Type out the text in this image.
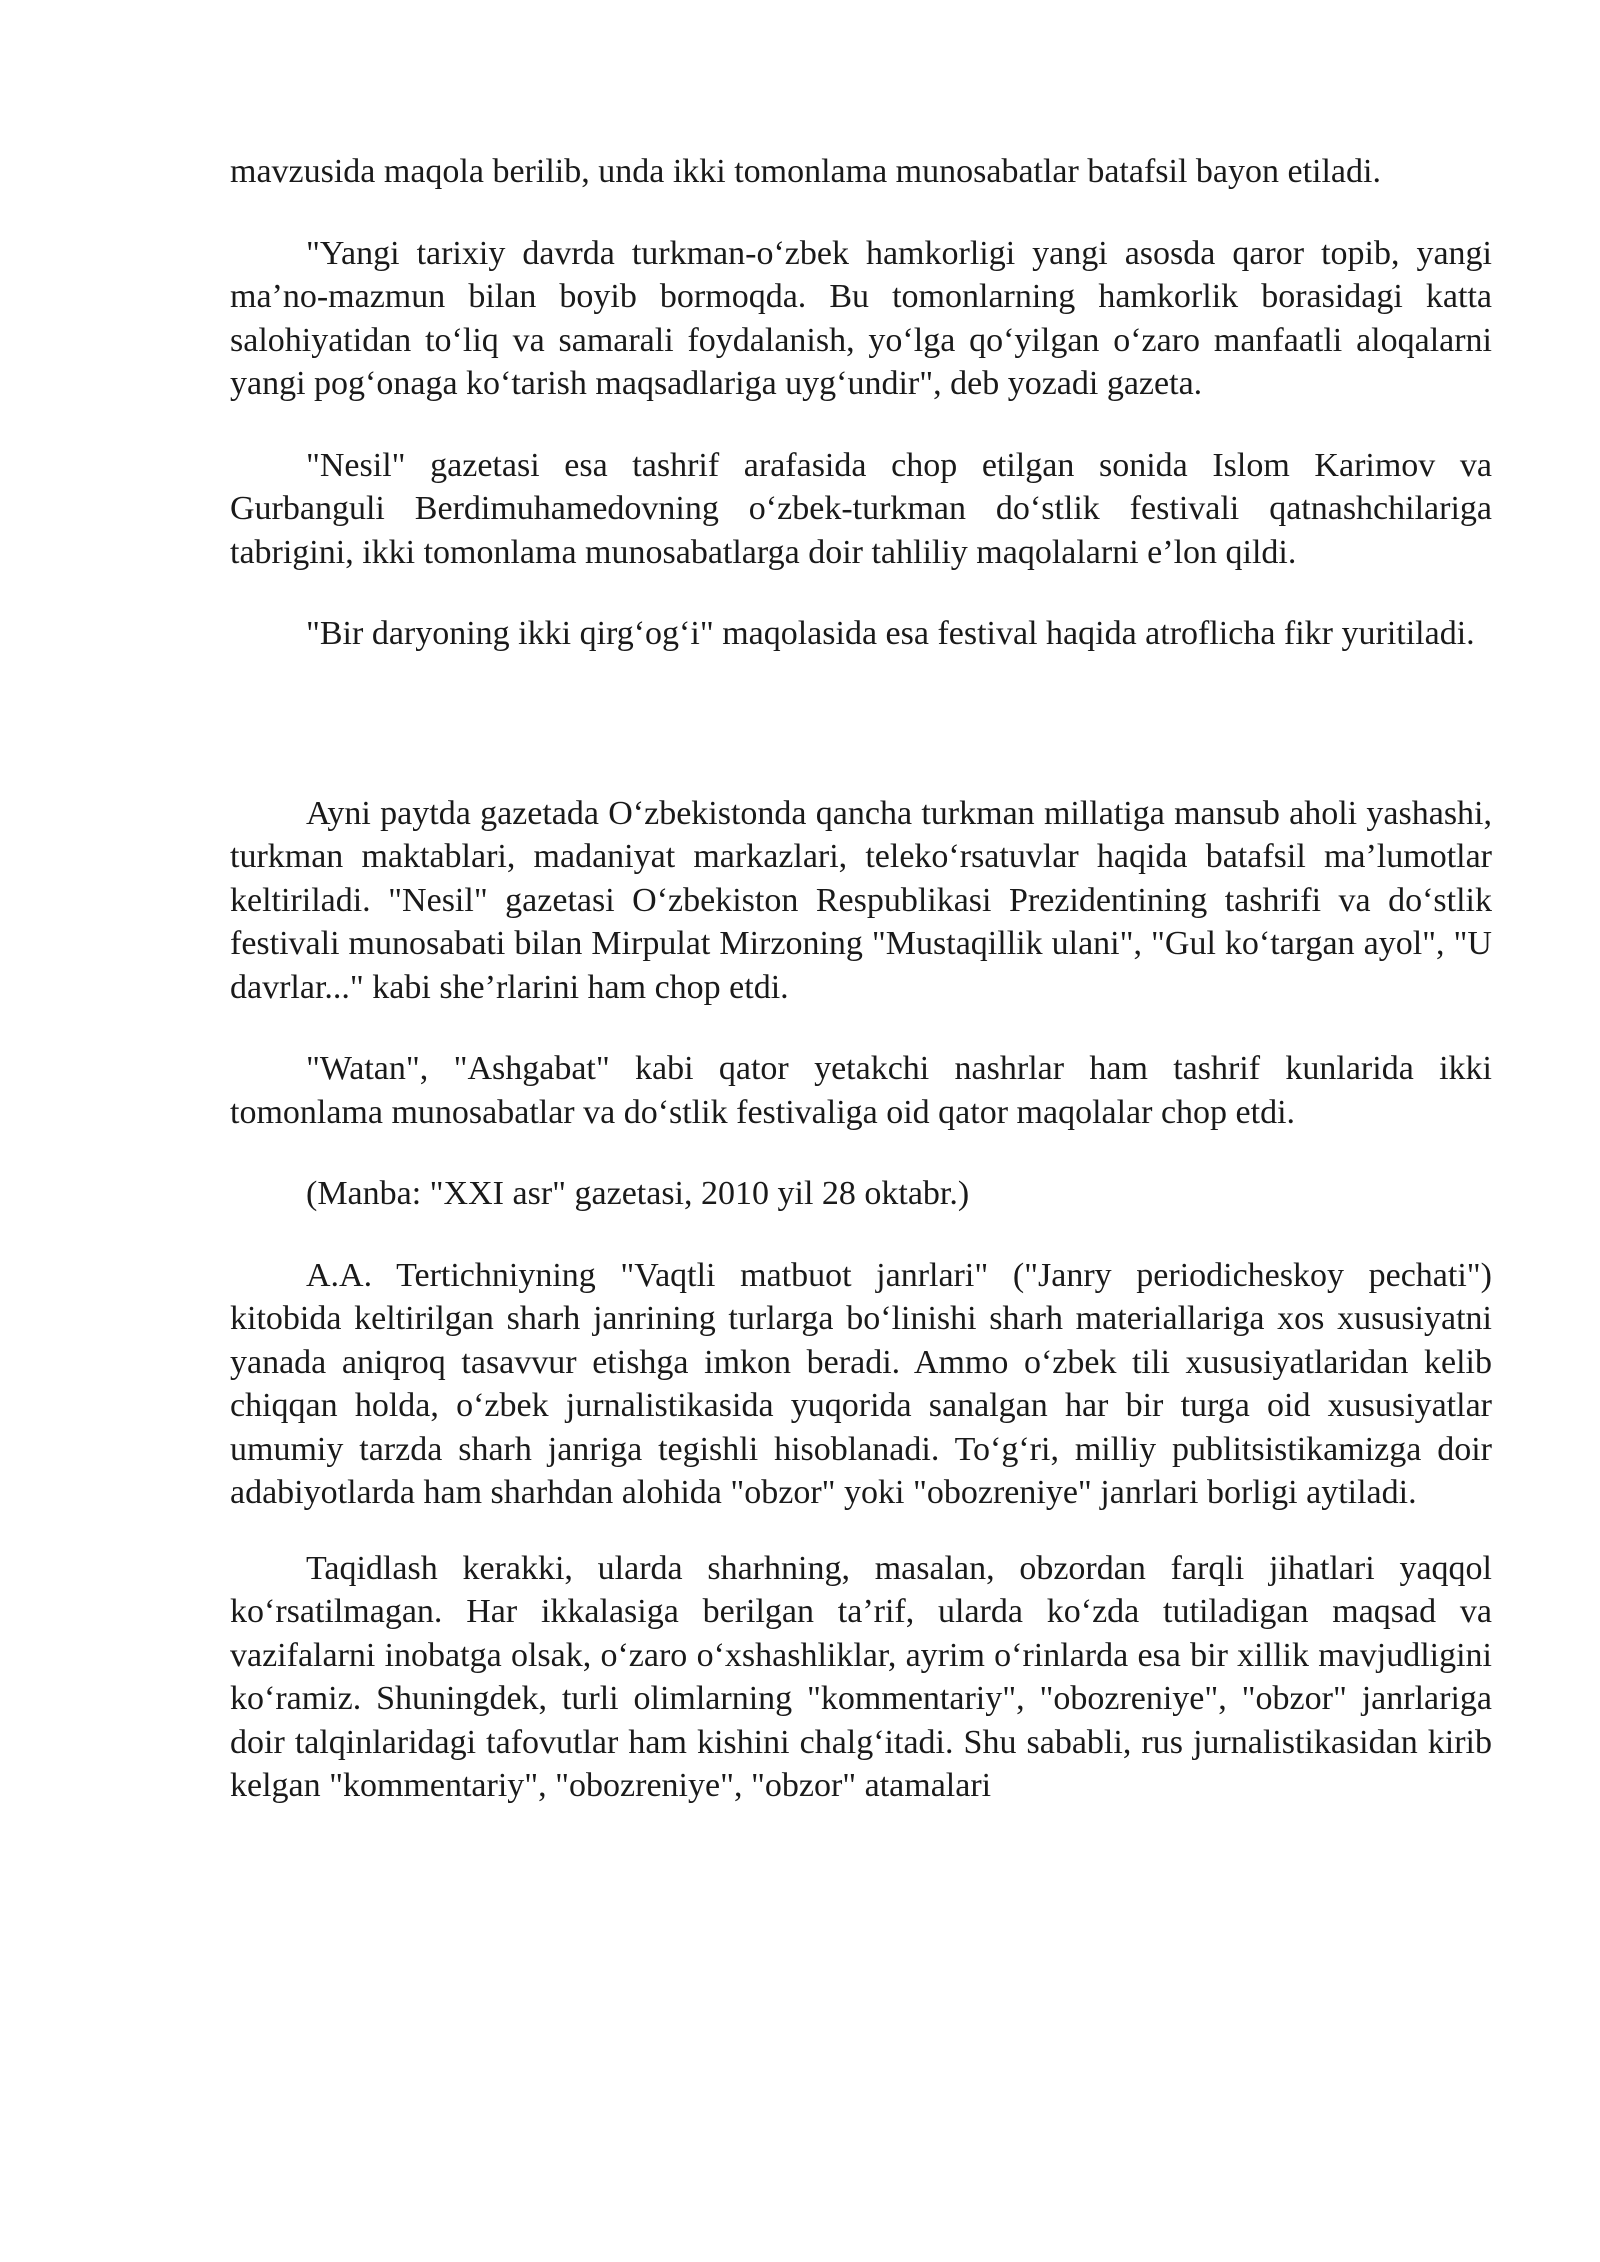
mavzusida maqola berilib, unda ikki tomonlama munosabatlar batafsil bayon etiladi.

"Yangi tarixiy davrda turkman-o‘zbek hamkorligi yangi asosda qaror topib, yangi ma’no-mazmun bilan boyib bormoqda. Bu tomonlarning hamkorlik borasidagi katta salohiyatidan to‘liq va samarali foydalanish, yo‘lga qo‘yilgan o‘zaro manfaatli aloqalarni yangi pog‘onaga ko‘tarish maqsadlariga uyg‘undir", deb yozadi gazeta.

"Nesil" gazetasi esa tashrif arafasida chop etilgan sonida Islom Karimov va Gurbanguli Berdimuhamedovning o‘zbek-turkman do‘stlik festivali qatnashchilariga tabrigini, ikki tomonlama munosabatlarga doir tahliliy maqolalarni e’lon qildi.

"Bir daryoning ikki qirg‘og‘i" maqolasida esa festival haqida atroflicha fikr yuritiladi.

Ayni paytda gazetada O‘zbekistonda qancha turkman millatiga mansub aholi yashashi, turkman maktablari, madaniyat markazlari, teleko‘rsatuvlar haqida batafsil ma’lumotlar keltiriladi. "Nesil" gazetasi O‘zbekiston Respublikasi Prezidentining tashrifi va do‘stlik festivali munosabati bilan Mirpulat Mirzoning "Mustaqillik ulani", "Gul ko‘targan ayol", "U davrlar..." kabi she’rlarini ham chop etdi.

"Watan", "Ashgabat" kabi qator yetakchi nashrlar ham tashrif kunlarida ikki tomonlama munosabatlar va do‘stlik festivaliga oid qator maqolalar chop etdi.

(Manba: "XXI asr" gazetasi, 2010 yil 28 oktabr.)

A.A. Tertichniyning "Vaqtli matbuot janrlari" ("Janry periodicheskoy pechati") kitobida keltirilgan sharh janrining turlarga bo‘linishi sharh materiallariga xos xususiyatni yanada aniqroq tasavvur etishga imkon beradi. Ammo o‘zbek tili xususiyatlaridan kelib chiqqan holda, o‘zbek jurnalistikasida yuqorida sanalgan har bir turga oid xususiyatlar umumiy tarzda sharh janriga tegishli hisoblanadi. To‘g‘ri, milliy publitsistikamizga doir adabiyotlarda ham sharhdan alohida "obzor" yoki "obozreniye" janrlari borligi aytiladi.

Taqidlash kerakki, ularda sharhning, masalan, obzordan farqli jihatlari yaqqol ko‘rsatilmagan. Har ikkalasiga berilgan ta’rif, ularda ko‘zda tutiladigan maqsad va vazifalarni inobatga olsak, o‘zaro o‘xshashliklar, ayrim o‘rinlarda esa bir xillik mavjudligini ko‘ramiz. Shuningdek, turli olimlarning "kommentariy", "obozreniye", "obzor" janrlariga doir talqinlaridagi tafovutlar ham kishini chalg‘itadi. Shu sababli, rus jurnalistikasidan kirib kelgan "kommentariy", "obozreniye", "obzor" atamalari
